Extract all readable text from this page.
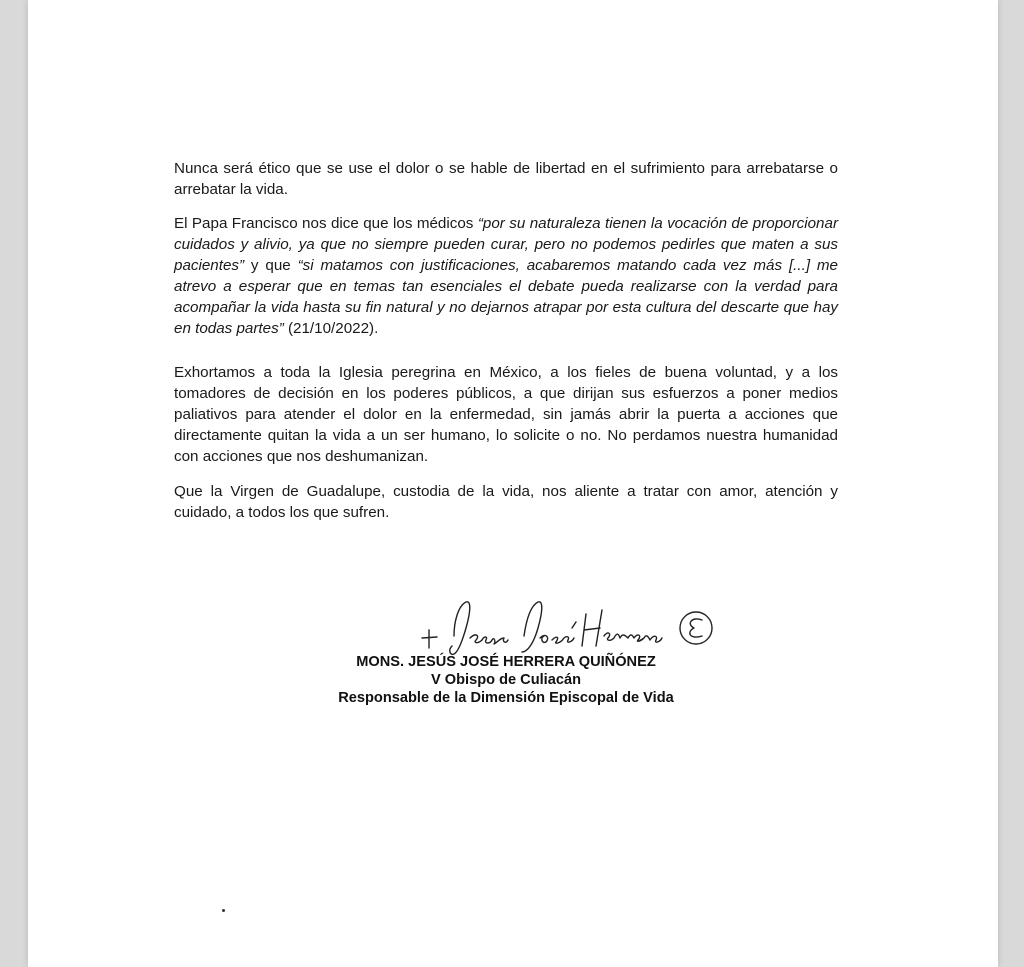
Nunca será ético que se use el dolor o se hable de libertad en el sufrimiento para arrebatarse o arrebatar la vida.

El Papa Francisco nos dice que los médicos “por su naturaleza tienen la vocación de proporcionar cuidados y alivio, ya que no siempre pueden curar, pero no podemos pedirles que maten a sus pacientes” y que “si matamos con justificaciones, acabaremos matando cada vez más [...] me atrevo a esperar que en temas tan esenciales el debate pueda realizarse con la verdad para acompañar la vida hasta su fin natural y no dejarnos atrapar por esta cultura del descarte que hay en todas partes” (21/10/2022).

Exhortamos a toda la Iglesia peregrina en México, a los fieles de buena voluntad, y a los tomadores de decisión en los poderes públicos, a que dirijan sus esfuerzos a poner medios paliativos para atender el dolor en la enfermedad, sin jamás abrir la puerta a acciones que directamente quitan la vida a un ser humano, lo solicite o no. No perdamos nuestra humanidad con acciones que nos deshumanizan.

Que la Virgen de Guadalupe, custodia de la vida, nos aliente a tratar con amor, atención y cuidado, a todos los que sufren.

MONS. JESÚS JOSÉ HERRERA QUIÑÓNEZ
V Obispo de Culiacán
Responsable de la Dimensión Episcopal de Vida
